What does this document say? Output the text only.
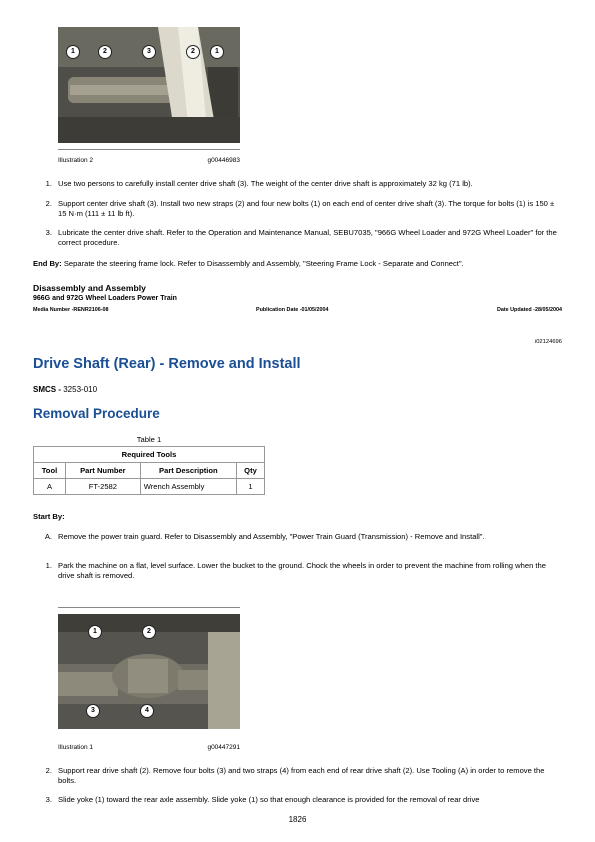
1	2	3	2	1
Illustration 2	g00446983
1. Use two persons to carefully install center drive shaft (3). The weight of the center drive shaft is approximately 32 kg (71 lb).
2. Support center drive shaft (3). Install two new straps (2) and four new bolts (1) on each end of center drive shaft (3). The torque for bolts (1) is 150 ± 15 N·m (111 ± 11 lb ft).
3. Lubricate the center drive shaft. Refer to the Operation and Maintenance Manual, SEBU7035, "966G Wheel Loader and 972G Wheel Loader" for the correct procedure.
End By: Separate the steering frame lock. Refer to Disassembly and Assembly, "Steering Frame Lock - Separate and Connect".
Disassembly and Assembly
966G and 972G Wheel Loaders Power Train
Media Number -RENR2106-08	Publication Date -01/05/2004	Date Updated -28/05/2004
i02124696
Drive Shaft (Rear) - Remove and Install
SMCS - 3253-010
Removal Procedure
Table 1
Required Tools			
Tool	Part Number	Part Description	Qty
A	FT-2582	Wrench Assembly	1
Start By:
A. Remove the power train guard. Refer to Disassembly and Assembly, "Power Train Guard (Transmission) - Remove and Install".
1. Park the machine on a flat, level surface. Lower the bucket to the ground. Chock the wheels in order to prevent the machine from rolling when the drive shaft is removed.
1	2
3	4
Illustration 1	g00447291
2. Support rear drive shaft (2). Remove four bolts (3) and two straps (4) from each end of rear drive shaft (2). Use Tooling (A) in order to remove the bolts.
3. Slide yoke (1) toward the rear axle assembly. Slide yoke (1) so that enough clearance is provided for the removal of rear drive
1826
